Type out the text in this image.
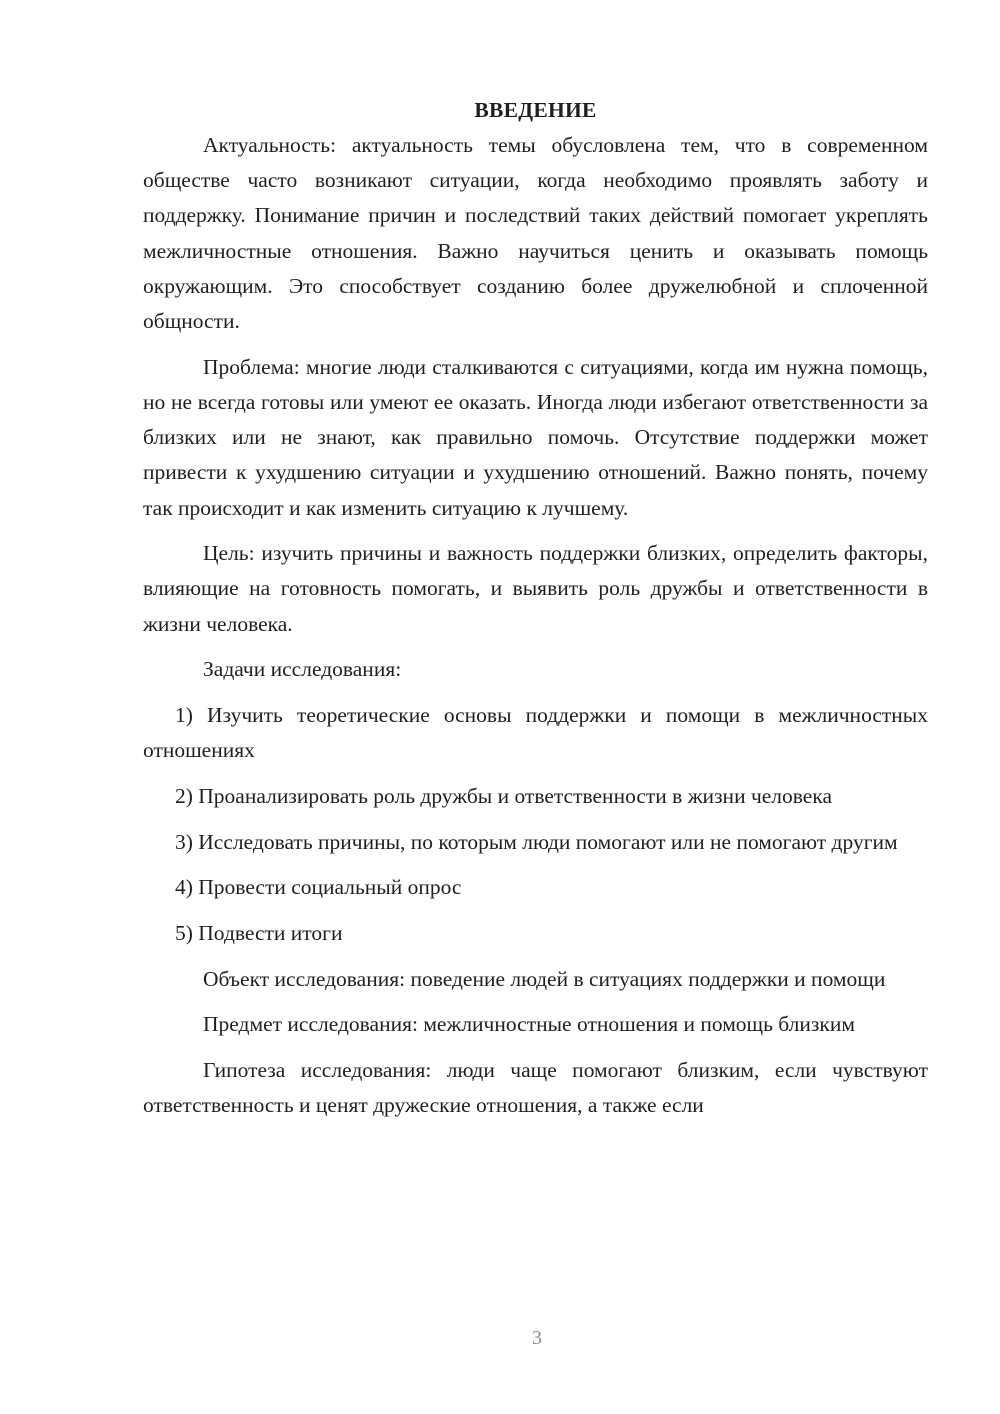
ВВЕДЕНИЕ

Актуальность: актуальность темы обусловлена тем, что в современном обществе часто возникают ситуации, когда необходимо проявлять заботу и поддержку. Понимание причин и последствий таких действий помогает укреплять межличностные отношения. Важно научиться ценить и оказывать помощь окружающим. Это способствует созданию более дружелюбной и сплоченной общности.

Проблема: многие люди сталкиваются с ситуациями, когда им нужна помощь, но не всегда готовы или умеют ее оказать. Иногда люди избегают ответственности за близких или не знают, как правильно помочь. Отсутствие поддержки может привести к ухудшению ситуации и ухудшению отношений. Важно понять, почему так происходит и как изменить ситуацию к лучшему.

Цель: изучить причины и важность поддержки близких, определить факторы, влияющие на готовность помогать, и выявить роль дружбы и ответственности в жизни человека.

Задачи исследования:

1) Изучить теоретические основы поддержки и помощи в межличностных отношениях

2) Проанализировать роль дружбы и ответственности в жизни человека

3) Исследовать причины, по которым люди помогают или не помогают другим

4) Провести социальный опрос

5) Подвести итоги

Объект исследования: поведение людей в ситуациях поддержки и помощи

Предмет исследования: межличностные отношения и помощь близким

Гипотеза исследования: люди чаще помогают близким, если чувствуют ответственность и ценят дружеские отношения, а также если

3
